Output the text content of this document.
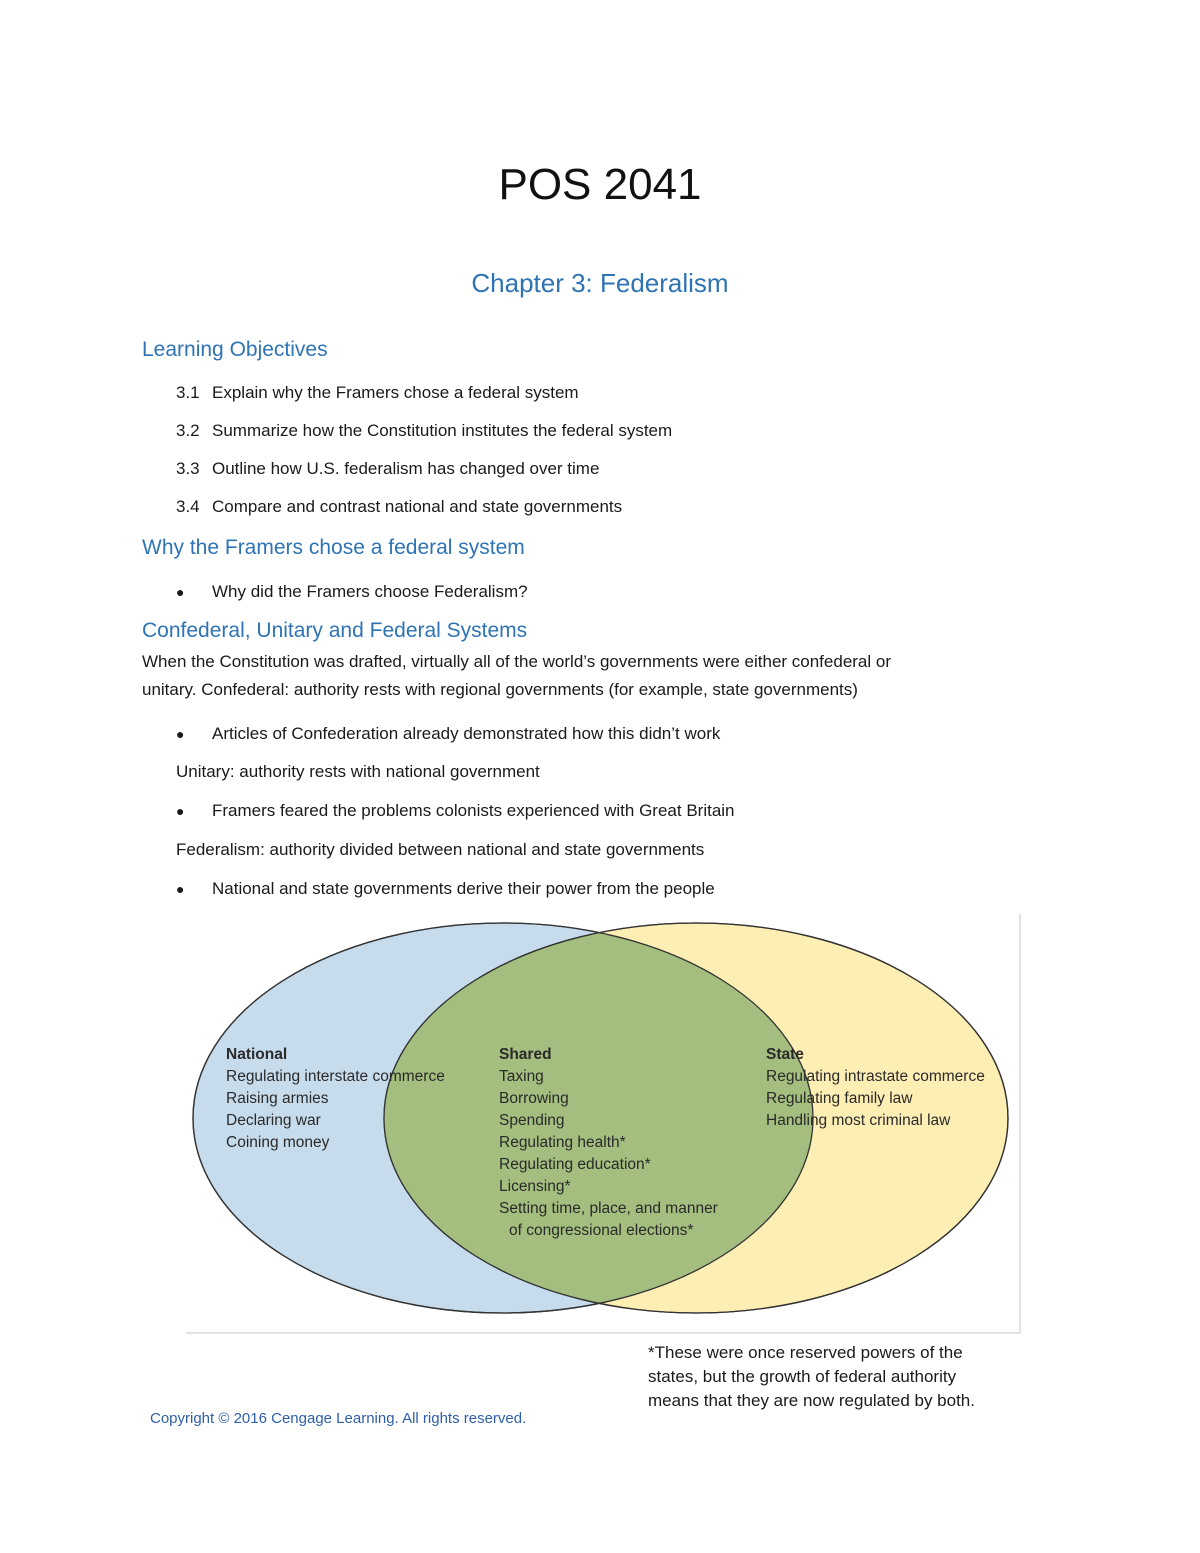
POS 2041
Chapter 3: Federalism
Learning Objectives
3.1 Explain why the Framers chose a federal system
3.2 Summarize how the Constitution institutes the federal system
3.3 Outline how U.S. federalism has changed over time
3.4 Compare and contrast national and state governments
Why the Framers chose a federal system
● Why did the Framers choose Federalism?
Confederal, Unitary and Federal Systems
When the Constitution was drafted, virtually all of the world’s governments were either confederal or
unitary. Confederal: authority rests with regional governments (for example, state governments)
● Articles of Confederation already demonstrated how this didn’t work
Unitary: authority rests with national government
● Framers feared the problems colonists experienced with Great Britain
Federalism: authority divided between national and state governments
● National and state governments derive their power from the people
National
Regulating interstate commerce
Raising armies
Declaring war
Coining money
Shared
Taxing
Borrowing
Spending
Regulating health*
Regulating education*
Licensing*
Setting time, place, and manner
of congressional elections*
State
Regulating intrastate commerce
Regulating family law
Handling most criminal law
*These were once reserved powers of the
states, but the growth of federal authority
means that they are now regulated by both.
Copyright © 2016 Cengage Learning. All rights reserved.
